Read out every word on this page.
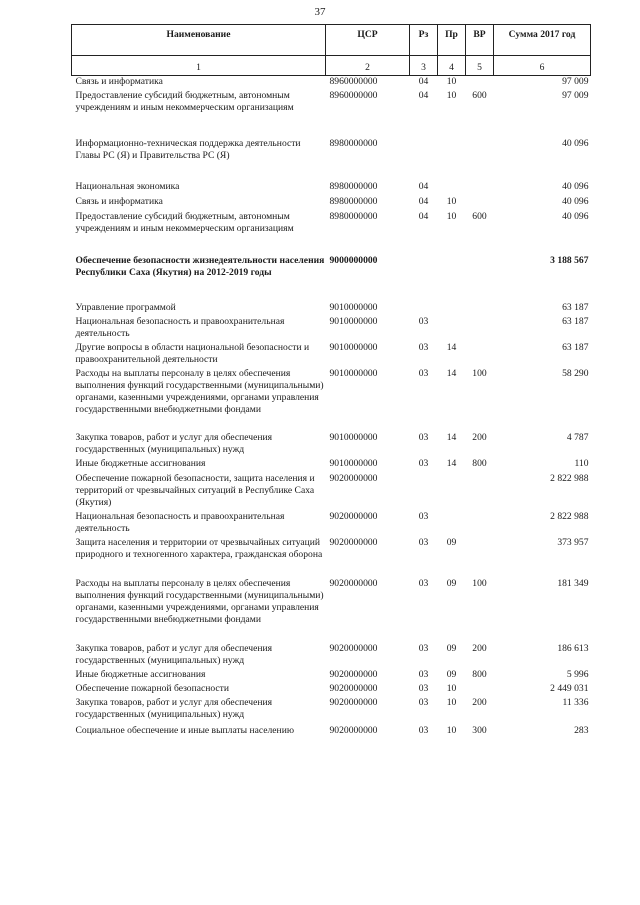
37
Наименование	ЦСР	Рз	Пр	ВР	Сумма 2017 год
1	2	3	4	5	6
Связь и информатика	8960000000	04	10		97 009
Предоставление субсидий бюджетным, автономным учреждениям и иным некоммерческим организациям	8960000000	04	10	600	97 009
Информационно-техническая поддержка деятельности Главы РС (Я) и Правительства РС (Я)	8980000000				40 096
Национальная экономика	8980000000	04			40 096
Связь и информатика	8980000000	04	10		40 096
Предоставление субсидий бюджетным, автономным учреждениям и иным некоммерческим организациям	8980000000	04	10	600	40 096
Обеспечение безопасности жизнедеятельности населения Республики Саха (Якутия) на 2012-2019 годы	9000000000				3 188 567
Управление программой	9010000000				63 187
Национальная безопасность и правоохранительная деятельность	9010000000	03			63 187
Другие вопросы в области национальной безопасности и правоохранительной деятельности	9010000000	03	14		63 187
Расходы на выплаты персоналу в целях обеспечения выполнения функций государственными (муниципальными) органами, казенными учреждениями, органами управления государственными внебюджетными фондами	9010000000	03	14	100	58 290
Закупка товаров, работ и услуг для обеспечения государственных (муниципальных) нужд	9010000000	03	14	200	4 787
Иные бюджетные ассигнования	9010000000	03	14	800	110
Обеспечение пожарной безопасности, защита населения и территорий от чрезвычайных ситуаций в Республике Саха (Якутия)	9020000000				2 822 988
Национальная безопасность и правоохранительная деятельность	9020000000	03			2 822 988
Защита населения и территории от чрезвычайных ситуаций природного и техногенного характера, гражданская оборона	9020000000	03	09		373 957
Расходы на выплаты персоналу в целях обеспечения выполнения функций государственными (муниципальными) органами, казенными учреждениями, органами управления государственными внебюджетными фондами	9020000000	03	09	100	181 349
Закупка товаров, работ и услуг для обеспечения государственных (муниципальных) нужд	9020000000	03	09	200	186 613
Иные бюджетные ассигнования	9020000000	03	09	800	5 996
Обеспечение пожарной безопасности	9020000000	03	10		2 449 031
Закупка товаров, работ и услуг для обеспечения государственных (муниципальных) нужд	9020000000	03	10	200	11 336
Социальное обеспечение и иные выплаты населению	9020000000	03	10	300	283
